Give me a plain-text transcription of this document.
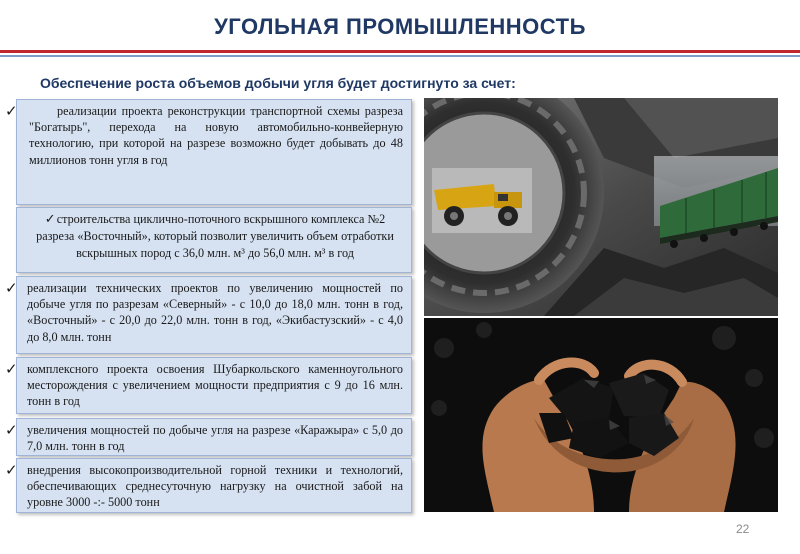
УГОЛЬНАЯ ПРОМЫШЛЕННОСТЬ
Обеспечение роста объемов добычи угля будет достигнуто за счет:
✓	реализации проекта реконструкции транспортной схемы разреза "Богатырь", перехода на новую автомобильно-конвейерную технологию, при которой на разрезе возможно будет добывать до 48 миллионов тонн угля в год
✓строительства циклично-поточного вскрышного комплекса №2 разреза «Восточный», который позволит увеличить объем отработки вскрышных пород с 36,0 млн. м³ до 56,0 млн. м³ в год
✓ реализации технических проектов по увеличению мощностей по добыче угля по разрезам «Северный» - с 10,0 до 18,0 млн. тонн в год, «Восточный» - с 20,0 до 22,0 млн. тонн в год, «Экибастузский» - с 4,0 до 8,0 млн. тонн
✓ комплексного проекта освоения Шубаркольского каменноугольного месторождения с увеличением мощности предприятия с 9 до 16 млн. тонн в год
✓ увеличения мощностей по добыче угля на разрезе «Каражыра» с 5,0 до 7,0 млн. тонн в год
✓ внедрения высокопроизводительной горной техники и технологий, обеспечивающих среднесуточную нагрузку на очистной забой на уровне 3000 -:- 5000 тонн
22
